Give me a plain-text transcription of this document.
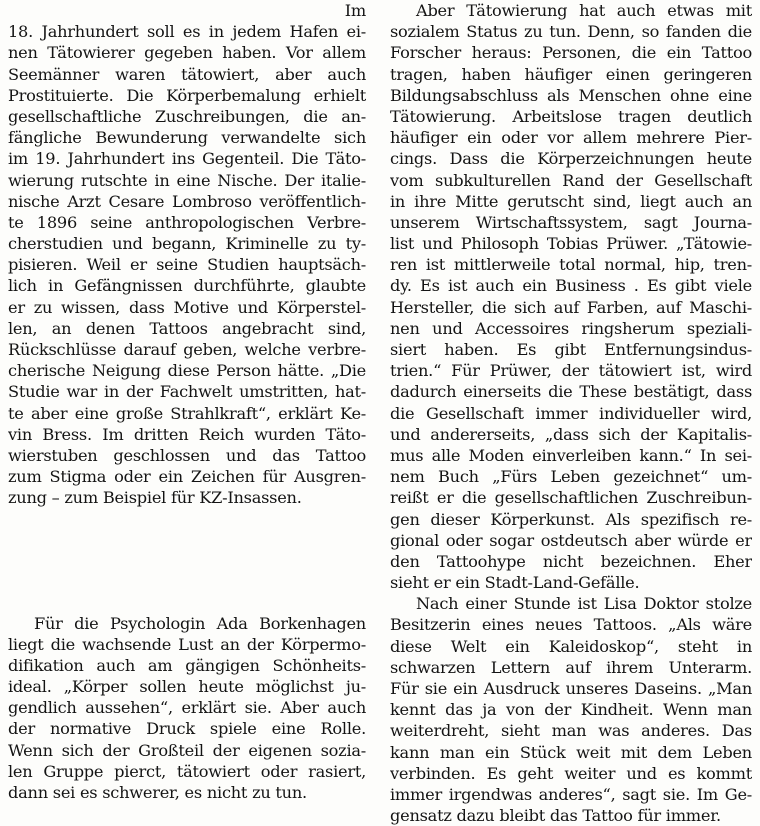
Im
18. Jahrhundert soll es in jedem Hafen ei-
nen Tätowierer gegeben haben. Vor allem
Seemänner waren tätowiert, aber auch
Prostituierte. Die Körperbemalung erhielt
gesellschaftliche Zuschreibungen, die an-
fängliche Bewunderung verwandelte sich
im 19. Jahrhundert ins Gegenteil. Die Täto-
wierung rutschte in eine Nische. Der italie-
nische Arzt Cesare Lombroso veröffentlich-
te 1896 seine anthropologischen Verbre-
cherstudien und begann, Kriminelle zu ty-
pisieren. Weil er seine Studien hauptsäch-
lich in Gefängnissen durchführte, glaubte
er zu wissen, dass Motive und Körperstel-
len, an denen Tattoos angebracht sind,
Rückschlüsse darauf geben, welche verbre-
cherische Neigung diese Person hätte. „Die
Studie war in der Fachwelt umstritten, hat-
te aber eine große Strahlkraft“, erklärt Ke-
vin Bress. Im dritten Reich wurden Täto-
wierstuben geschlossen und das Tattoo
zum Stigma oder ein Zeichen für Ausgren-
zung – zum Beispiel für KZ-Insassen.
Für die Psychologin Ada Borkenhagen
liegt die wachsende Lust an der Körpermo-
difikation auch am gängigen Schönheits-
ideal. „Körper sollen heute möglichst ju-
gendlich aussehen“, erklärt sie. Aber auch
der normative Druck spiele eine Rolle.
Wenn sich der Großteil der eigenen sozia-
len Gruppe pierct, tätowiert oder rasiert,
dann sei es schwerer, es nicht zu tun.
Aber Tätowierung hat auch etwas mit
sozialem Status zu tun. Denn, so fanden die
Forscher heraus: Personen, die ein Tattoo
tragen, haben häufiger einen geringeren
Bildungsabschluss als Menschen ohne eine
Tätowierung. Arbeitslose tragen deutlich
häufiger ein oder vor allem mehrere Pier-
cings. Dass die Körperzeichnungen heute
vom subkulturellen Rand der Gesellschaft
in ihre Mitte gerutscht sind, liegt auch an
unserem Wirtschaftssystem, sagt Journa-
list und Philosoph Tobias Prüwer. „Tätowie-
ren ist mittlerweile total normal, hip, tren-
dy. Es ist auch ein Business . Es gibt viele
Hersteller, die sich auf Farben, auf Maschi-
nen und Accessoires ringsherum speziali-
siert haben. Es gibt Entfernungsindus-
trien.“ Für Prüwer, der tätowiert ist, wird
dadurch einerseits die These bestätigt, dass
die Gesellschaft immer individueller wird,
und andererseits, „dass sich der Kapitalis-
mus alle Moden einverleiben kann.“ In sei-
nem Buch „Fürs Leben gezeichnet“ um-
reißt er die gesellschaftlichen Zuschreibun-
gen dieser Körperkunst. Als spezifisch re-
gional oder sogar ostdeutsch aber würde er
den Tattoohype nicht bezeichnen. Eher
sieht er ein Stadt-Land-Gefälle.
Nach einer Stunde ist Lisa Doktor stolze
Besitzerin eines neues Tattoos. „Als wäre
diese Welt ein Kaleidoskop“, steht in
schwarzen Lettern auf ihrem Unterarm.
Für sie ein Ausdruck unseres Daseins. „Man
kennt das ja von der Kindheit. Wenn man
weiterdreht, sieht man was anderes. Das
kann man ein Stück weit mit dem Leben
verbinden. Es geht weiter und es kommt
immer irgendwas anderes“, sagt sie. Im Ge-
gensatz dazu bleibt das Tattoo für immer.
